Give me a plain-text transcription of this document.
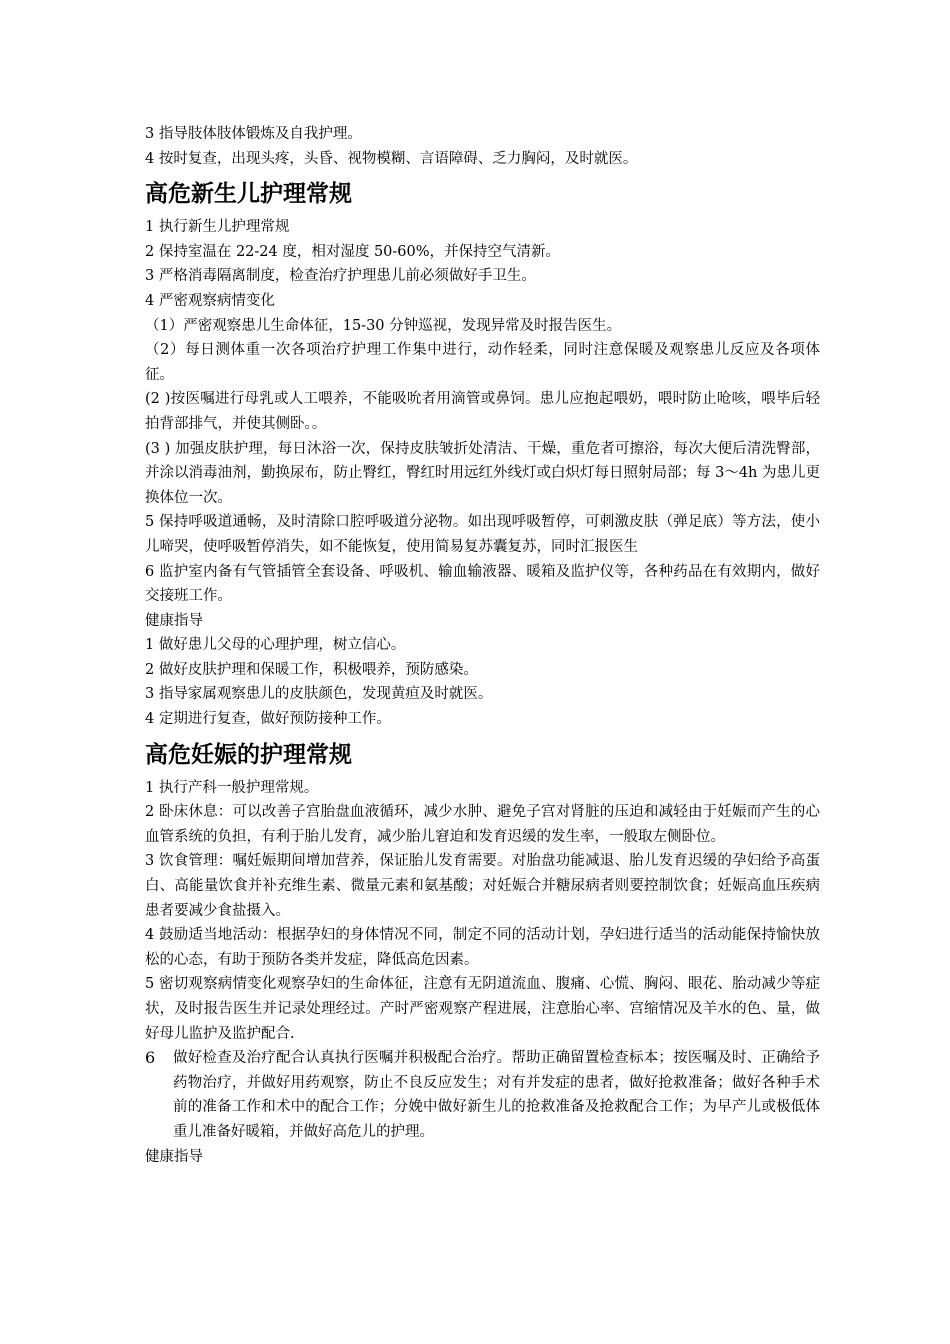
3 指导肢体肢体锻炼及自我护理。

4 按时复查，出现头疼，头昏、视物模糊、言语障碍、乏力胸闷，及时就医。

高危新生儿护理常规

1 执行新生儿护理常规

2 保持室温在 22-24 度，相对湿度 50-60%，并保持空气清新。

3 严格消毒隔离制度，检查治疗护理患儿前必须做好手卫生。

4 严密观察病情变化

（1）严密观察患儿生命体征，15-30 分钟巡视，发现异常及时报告医生。

（2）每日测体重一次各项治疗护理工作集中进行，动作轻柔，同时注意保暖及观察患儿反应及各项体征。

(2 )按医嘱进行母乳或人工喂养，不能吸吮者用滴管或鼻饲。患儿应抱起喂奶，喂时防止呛咳，喂毕后轻拍背部排气，并使其侧卧。。

(3 ) 加强皮肤护理，每日沐浴一次，保持皮肤皱折处清洁、干燥，重危者可擦浴，每次大便后清洗臀部，并涂以消毒油剂，勤换尿布，防止臀红，臀红时用远红外线灯或白炽灯每日照射局部；每 3～4h 为患儿更换体位一次。

5 保持呼吸道通畅，及时清除口腔呼吸道分泌物。如出现呼吸暂停，可刺激皮肤（弹足底）等方法，使小儿啼哭，使呼吸暂停消失，如不能恢复，使用简易复苏囊复苏，同时汇报医生

6 监护室内备有气管插管全套设备、呼吸机、输血输液器、暖箱及监护仪等，各种药品在有效期内，做好交接班工作。

健康指导

1 做好患儿父母的心理护理，树立信心。

2 做好皮肤护理和保暖工作，积极喂养，预防感染。

3 指导家属观察患儿的皮肤颜色，发现黄疸及时就医。

4 定期进行复查，做好预防接种工作。

高危妊娠的护理常规

1 执行产科一般护理常规。

2 卧床休息：可以改善子宫胎盘血液循环，减少水肿、避免子宫对肾脏的压迫和减轻由于妊娠而产生的心血管系统的负担，有利于胎儿发育，减少胎儿窘迫和发育迟缓的发生率，一般取左侧卧位。

3 饮食管理：嘱妊娠期间增加营养，保证胎儿发育需要。对胎盘功能减退、胎儿发育迟缓的孕妇给予高蛋白、高能量饮食并补充维生素、微量元素和氨基酸；对妊娠合并糖尿病者则要控制饮食；妊娠高血压疾病患者要减少食盐摄入。

4 鼓励适当地活动：根据孕妇的身体情况不同，制定不同的活动计划，孕妇进行适当的活动能保持愉快放松的心态，有助于预防各类并发症，降低高危因素。

5 密切观察病情变化观察孕妇的生命体征，注意有无阴道流血、腹痛、心慌、胸闷、眼花、胎动减少等症状，及时报告医生并记录处理经过。产时严密观察产程进展，注意胎心率、宫缩情况及羊水的色、量，做好母儿监护及监护配合.

6	做好检查及治疗配合认真执行医嘱并积极配合治疗。帮助正确留置检查标本；按医嘱及时、正确给予药物治疗，并做好用药观察，防止不良反应发生；对有并发症的患者，做好抢救准备；做好各种手术前的准备工作和术中的配合工作；分娩中做好新生儿的抢救准备及抢救配合工作；为早产儿或极低体重儿准备好暖箱，并做好高危儿的护理。

健康指导
